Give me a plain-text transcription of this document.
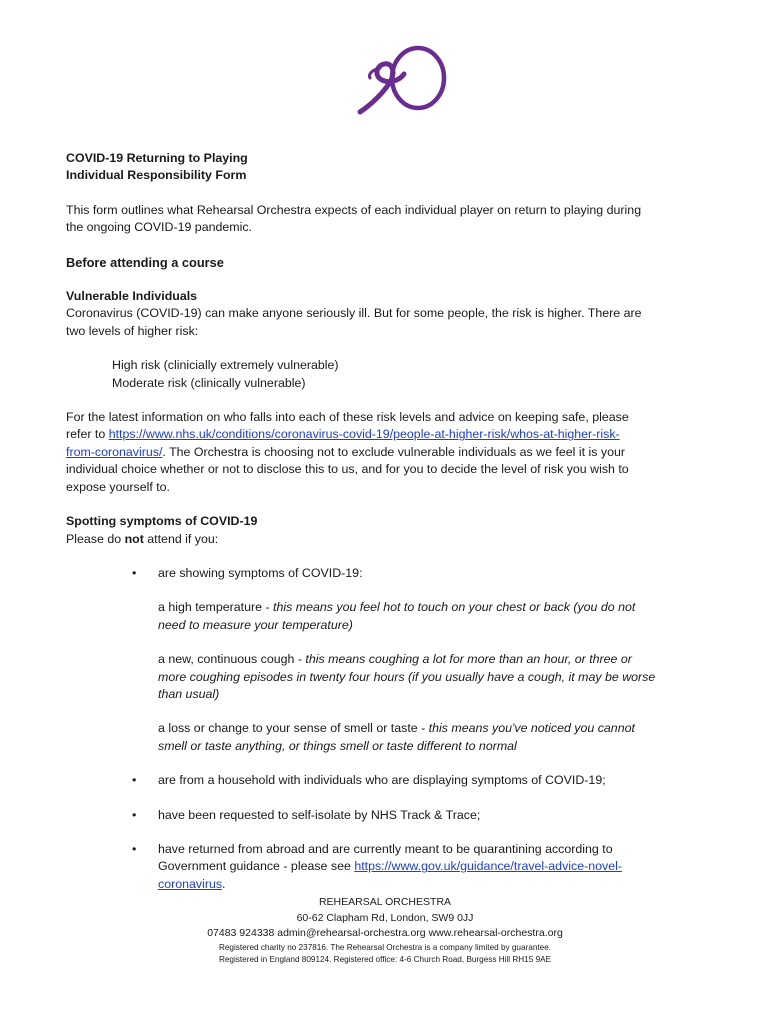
COVID-19 Returning to Playing

Individual Responsibility Form

This form outlines what Rehearsal Orchestra expects of each individual player on return to playing during

the ongoing COVID-19 pandemic.

Before attending a course

Vulnerable Individuals

Coronavirus (COVID-19) can make anyone seriously ill. But for some people, the risk is higher. There are

two levels of higher risk:

High risk (clinicially extremely vulnerable)

Moderate risk (clinically vulnerable)

For the latest information on who falls into each of these risk levels and advice on keeping safe, please

refer to https://www.nhs.uk/conditions/coronavirus-covid-19/people-at-higher-risk/whos-at-higher-risk-

from-coronavirus/. The Orchestra is choosing not to exclude vulnerable individuals as we feel it is your

individual choice whether or not to disclose this to us, and for you to decide the level of risk you wish to

expose yourself to.

Spotting symptoms of COVID-19

Please do not attend if you:

• are showing symptoms of COVID-19:

a high temperature - this means you feel hot to touch on your chest or back (you do not

need to measure your temperature)

a new, continuous cough - this means coughing a lot for more than an hour, or three or

more coughing episodes in twenty four hours (if you usually have a cough, it may be worse

than usual)

a loss or change to your sense of smell or taste - this means you've noticed you cannot

smell or taste anything, or things smell or taste different to normal

• are from a household with individuals who are displaying symptoms of COVID-19;

• have been requested to self-isolate by NHS Track & Trace;

• have returned from abroad and are currently meant to be quarantining according to

Government guidance - please see https://www.gov.uk/guidance/travel-advice-novel-

coronavirus.

REHEARSAL ORCHESTRA
60-62 Clapham Rd, London, SW9 0JJ
07483 924338 admin@rehearsal-orchestra.org www.rehearsal-orchestra.org
Registered charity no 237816. The Rehearsal Orchestra is a company limited by guarantee.
Registered in England 809124. Registered office: 4-6 Church Road, Burgess Hill RH15 9AE
